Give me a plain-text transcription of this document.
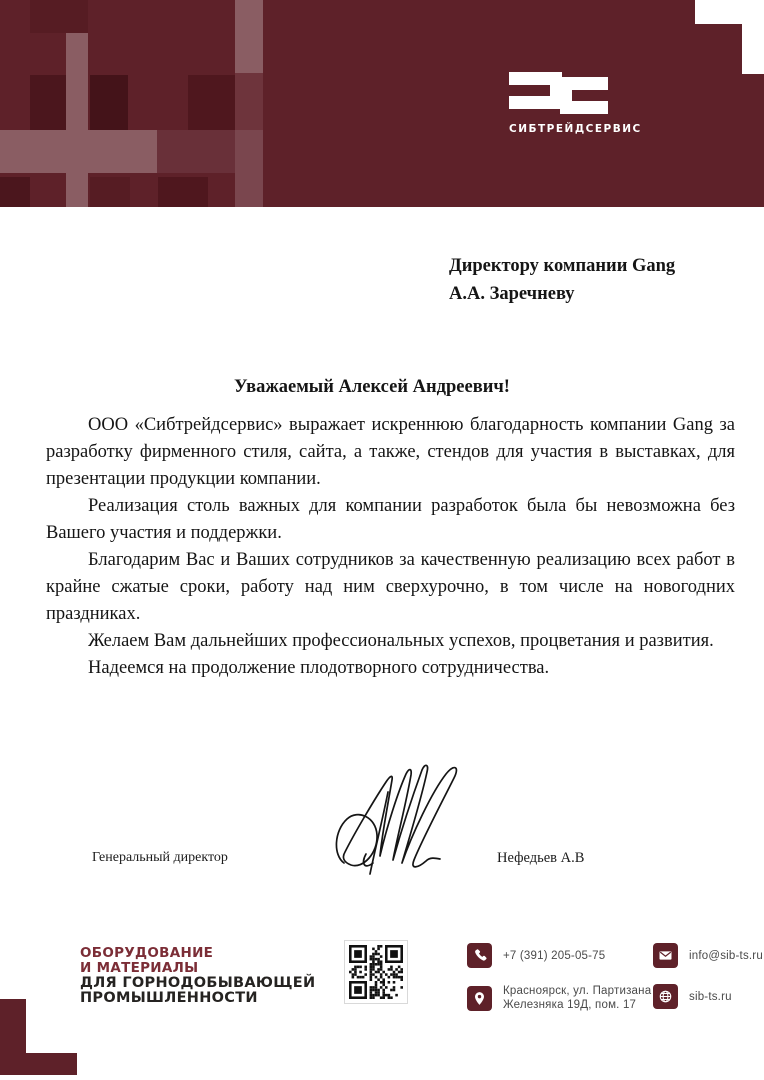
СИБТРЕЙДСЕРВИС
Директору компании Gang
А.А. Заречневу
Уважаемый Алексей Андреевич!

ООО «Сибтрейдсервис» выражает искреннюю благодарность компании Gang за разработку фирменного стиля, сайта, а также, стендов для участия в выставках, для презентации продукции компании.

Реализация столь важных для компании разработок была бы невозможна без Вашего участия и поддержки.

Благодарим Вас и Ваших сотрудников за качественную реализацию всех работ в крайне сжатые сроки, работу над ним сверхурочно, в том числе на новогодних праздниках.

Желаем Вам дальнейших профессиональных успехов, процветания и развития.

Надеемся на продолжение плодотворного сотрудничества.

Генеральный директор	Нефедьев А.В
ОБОРУДОВАНИЕ
И МАТЕРИАЛЫ
ДЛЯ ГОРНОДОБЫВАЮЩЕЙ
ПРОМЫШЛЕННОСТИ
+7 (391) 205-05-75	info@sib-ts.ru
Красноярск, ул. Партизана
Железняка 19Д, пом. 17
sib-ts.ru
